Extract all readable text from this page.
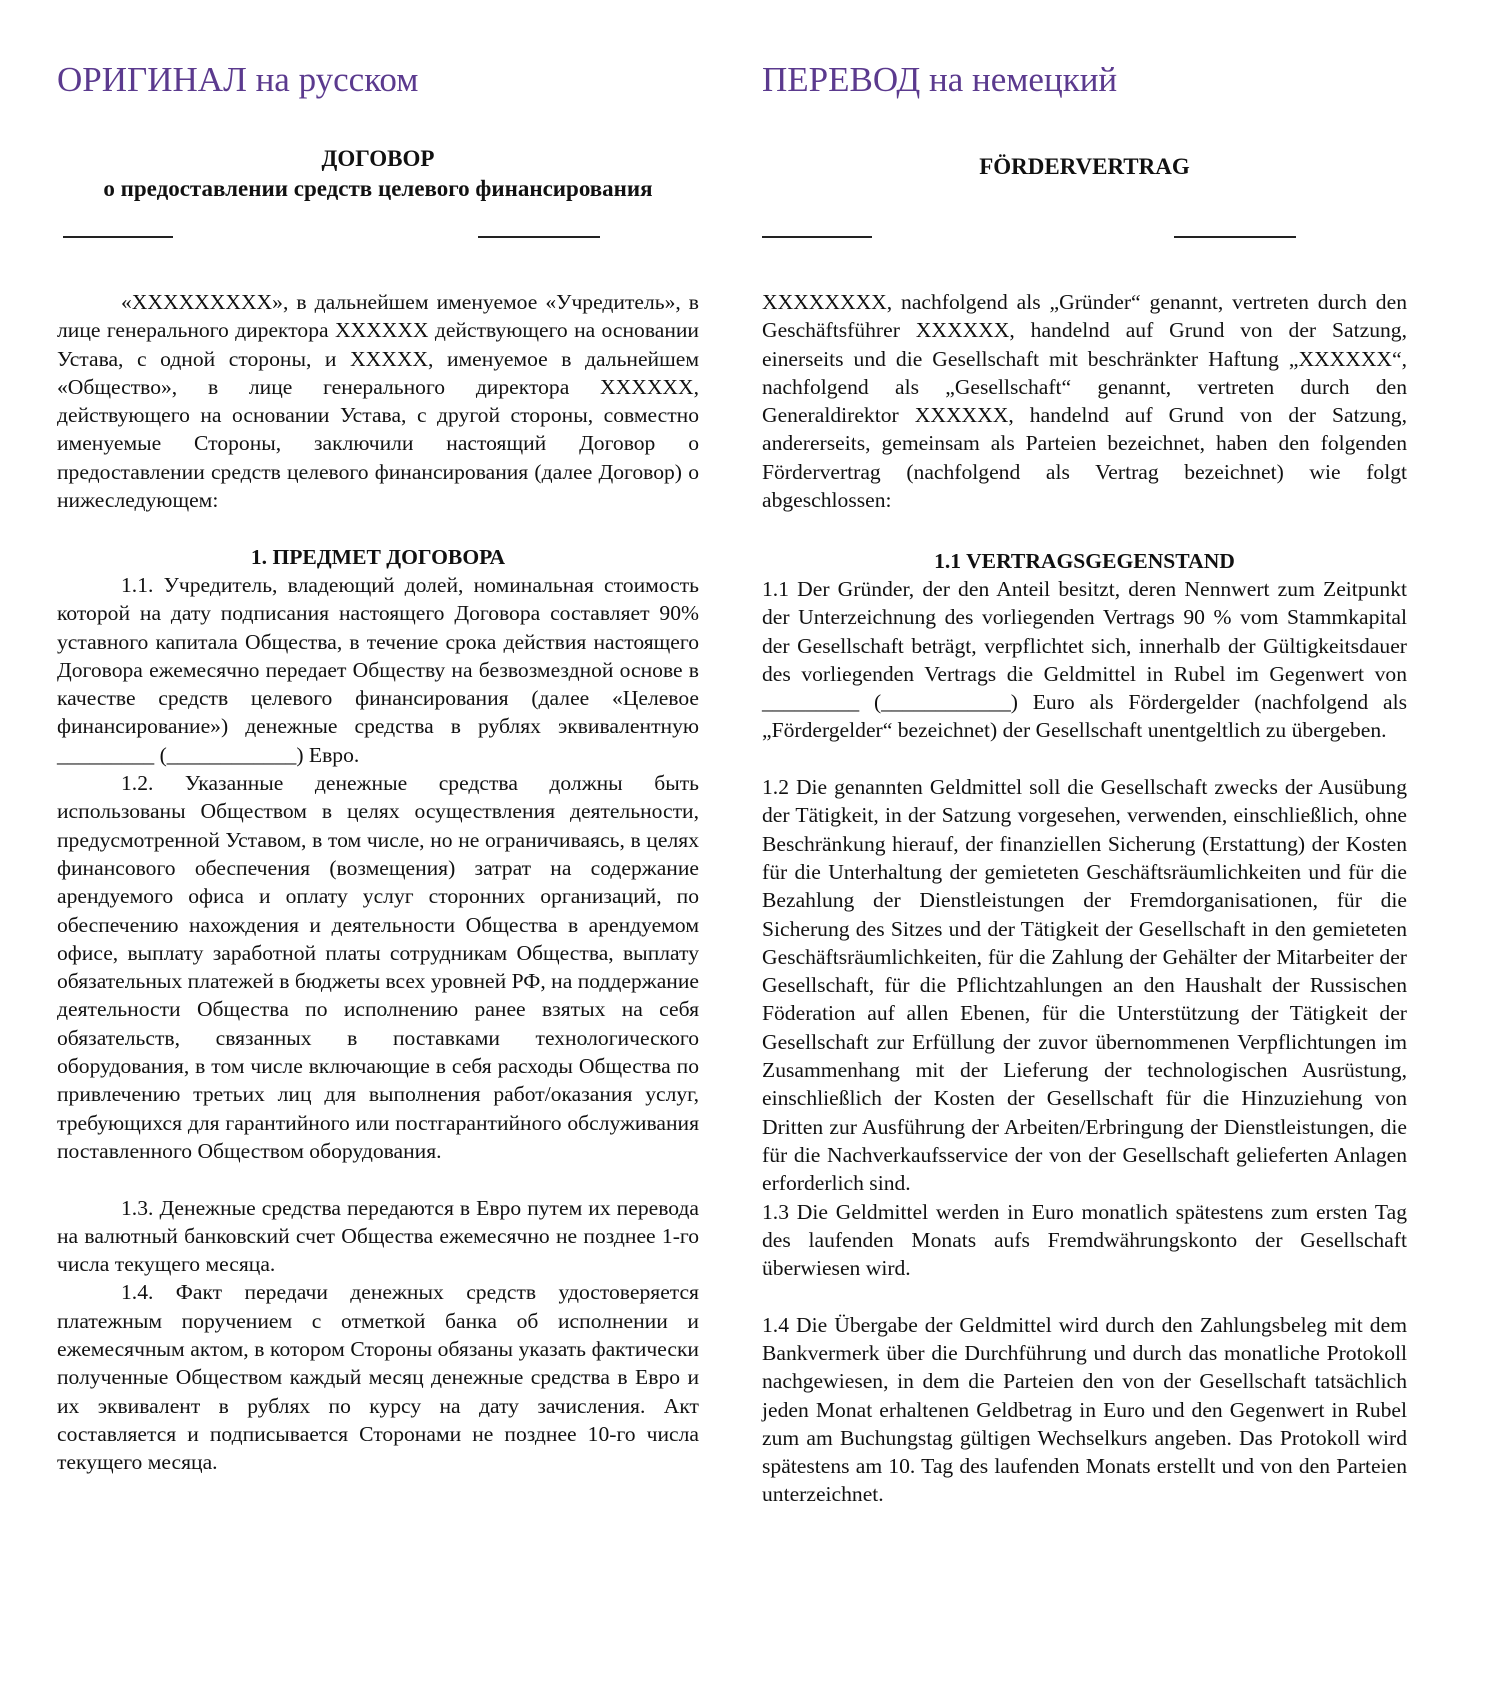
ОРИГИНАЛ на русском

ДОГОВОР

о предоставлении средств целевого финансирования

«XXXXXXXXX», в дальнейшем именуемое «Учредитель», в лице генерального директора XXXXXX действующего на основании Устава, с одной стороны, и XXXXX, именуемое в дальнейшем «Общество», в лице генерального директора XXXXXX, действующего на основании Устава, с другой стороны, совместно именуемые Стороны, заключили настоящий Договор о предоставлении средств целевого финансирования (далее Договор) о нижеследующем:

1. ПРЕДМЕТ ДОГОВОРА

1.1. Учредитель, владеющий долей, номинальная стоимость которой на дату подписания настоящего Договора составляет 90% уставного капитала Общества, в течение срока действия настоящего Договора ежемесячно передает Обществу на безвозмездной основе в качестве средств целевого финансирования (далее «Целевое финансирование») денежные средства в рублях эквивалентную _________ (____________) Евро.

1.2. Указанные денежные средства должны быть использованы Обществом в целях осуществления деятельности, предусмотренной Уставом, в том числе, но не ограничиваясь, в целях финансового обеспечения (возмещения) затрат на содержание арендуемого офиса и оплату услуг сторонних организаций, по обеспечению нахождения и деятельности Общества в арендуемом офисе, выплату заработной платы сотрудникам Общества, выплату обязательных платежей в бюджеты всех уровней РФ, на поддержание деятельности Общества по исполнению ранее взятых на себя обязательств, связанных в поставками технологического оборудования, в том числе включающие в себя расходы Общества по привлечению третьих лиц для выполнения работ/оказания услуг, требующихся для гарантийного или постгарантийного обслуживания поставленного Обществом оборудования.

1.3. Денежные средства передаются в Евро путем их перевода на валютный банковский счет Общества ежемесячно не позднее 1-го числа текущего месяца.

1.4. Факт передачи денежных средств удостоверяется платежным поручением с отметкой банка об исполнении и ежемесячным актом, в котором Стороны обязаны указать фактически полученные Обществом каждый месяц денежные средства в Евро и их эквивалент в рублях по курсу на дату зачисления. Акт составляется и подписывается Сторонами не позднее 10-го числа текущего месяца.

ПЕРЕВОД на немецкий

FÖRDERVERTRAG

XXXXXXXX, nachfolgend als „Gründer“ genannt, vertreten durch den Geschäftsführer XXXXXX, handelnd auf Grund von der Satzung, einerseits und die Gesellschaft mit beschränkter Haftung „XXXXXX“, nachfolgend als „Gesellschaft“ genannt, vertreten durch den Generaldirektor XXXXXX, handelnd auf Grund von der Satzung, andererseits, gemeinsam als Parteien bezeichnet, haben den folgenden Fördervertrag (nachfolgend als Vertrag bezeichnet) wie folgt abgeschlossen:

1.1 VERTRAGSGEGENSTAND

1.1 Der Gründer, der den Anteil besitzt, deren Nennwert zum Zeitpunkt der Unterzeichnung des vorliegenden Vertrags 90 % vom Stammkapital der Gesellschaft beträgt, verpflichtet sich, innerhalb der Gültigkeitsdauer des vorliegenden Vertrags die Geldmittel in Rubel im Gegenwert von _________ (____________) Euro als Fördergelder (nachfolgend als „Fördergelder“ bezeichnet) der Gesellschaft unentgeltlich zu übergeben.

1.2 Die genannten Geldmittel soll die Gesellschaft zwecks der Ausübung der Tätigkeit, in der Satzung vorgesehen, verwenden, einschließlich, ohne Beschränkung hierauf, der finanziellen Sicherung (Erstattung) der Kosten für die Unterhaltung der gemieteten Geschäftsräumlichkeiten und für die Bezahlung der Dienstleistungen der Fremdorganisationen, für die Sicherung des Sitzes und der Tätigkeit der Gesellschaft in den gemieteten Geschäftsräumlichkeiten, für die Zahlung der Gehälter der Mitarbeiter der Gesellschaft, für die Pflichtzahlungen an den Haushalt der Russischen Föderation auf allen Ebenen, für die Unterstützung der Tätigkeit der Gesellschaft zur Erfüllung der zuvor übernommenen Verpflichtungen im Zusammenhang mit der Lieferung der technologischen Ausrüstung, einschließlich der Kosten der Gesellschaft für die Hinzuziehung von Dritten zur Ausführung der Arbeiten/Erbringung der Dienstleistungen, die für die Nachverkaufsservice der von der Gesellschaft gelieferten Anlagen erforderlich sind.

1.3 Die Geldmittel werden in Euro monatlich spätestens zum ersten Tag des laufenden Monats aufs Fremdwährungskonto der Gesellschaft überwiesen wird.

1.4 Die Übergabe der Geldmittel wird durch den Zahlungsbeleg mit dem Bankvermerk über die Durchführung und durch das monatliche Protokoll nachgewiesen, in dem die Parteien den von der Gesellschaft tatsächlich jeden Monat erhaltenen Geldbetrag in Euro und den Gegenwert in Rubel zum am Buchungstag gültigen Wechselkurs angeben. Das Protokoll wird spätestens am 10. Tag des laufenden Monats erstellt und von den Parteien unterzeichnet.
